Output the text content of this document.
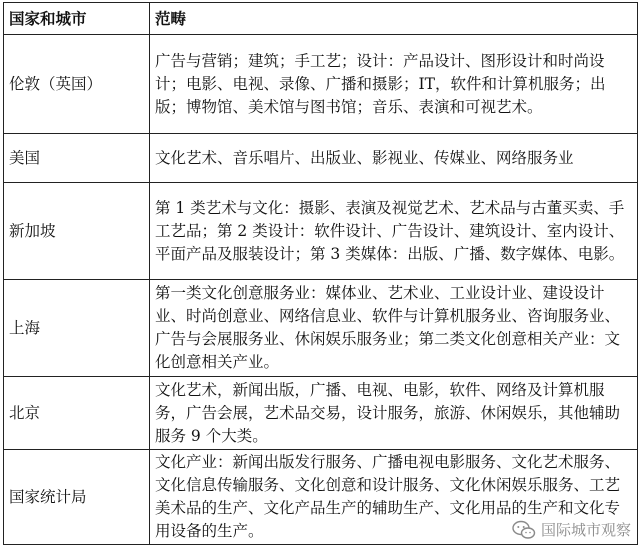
国家和城市	范畴
伦敦（英国）	广告与营销；建筑；手工艺；设计：产品设计、图形设计和时尚设计；电影、电视、录像、广播和摄影；IT，软件和计算机服务；出版；博物馆、美术馆与图书馆；音乐、表演和可视艺术。
美国	文化艺术、音乐唱片、出版业、影视业、传媒业、网络服务业
新加坡	第 1 类艺术与文化：摄影、表演及视觉艺术、艺术品与古董买卖、手工艺品；第 2 类设计：软件设计、广告设计、建筑设计、室内设计、平面产品及服装设计；第 3 类媒体：出版、广播、数字媒体、电影。
上海	第一类文化创意服务业：媒体业、艺术业、工业设计业、建设设计业、时尚创意业、网络信息业、软件与计算机服务业、咨询服务业、广告与会展服务业、休闲娱乐服务业；第二类文化创意相关产业：文化创意相关产业。
北京	文化艺术，新闻出版，广播、电视、电影，软件、网络及计算机服务，广告会展，艺术品交易，设计服务，旅游、休闲娱乐，其他辅助服务 9 个大类。
国家统计局	文化产业：新闻出版发行服务、广播电视电影服务、文化艺术服务、文化信息传输服务、文化创意和设计服务、文化休闲娱乐服务、工艺美术品的生产、文化产品生产的辅助生产、文化用品的生产和文化专用设备的生产。	国际城市观察
